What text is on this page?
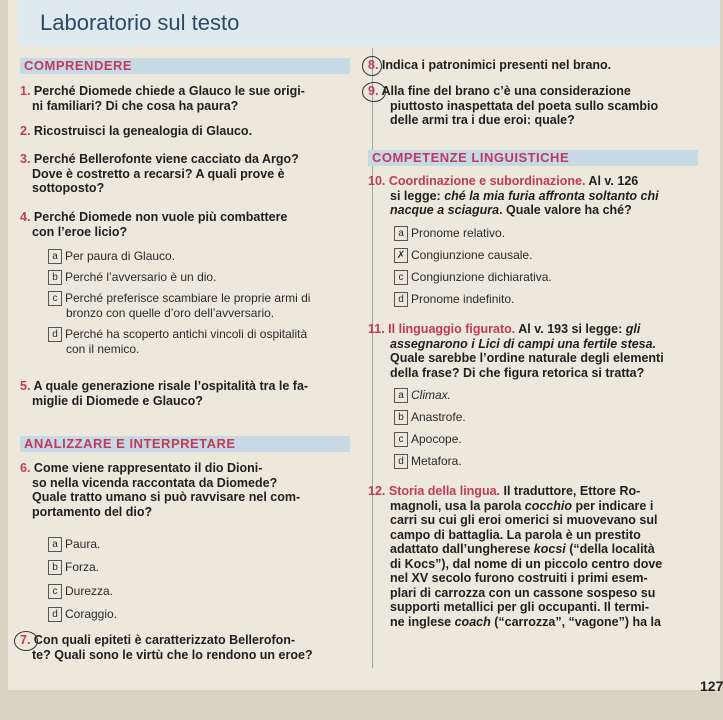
Laboratorio sul testo
COMPRENDERE
1. Perché Diomede chiede a Glauco le sue origi-
ni familiari? Di che cosa ha paura?
2. Ricostruisci la genealogia di Glauco.
3. Perché Bellerofonte viene cacciato da Argo?
Dove è costretto a recarsi? A quali prove è
sottoposto?
4. Perché Diomede non vuole più combattere
con l’eroe licio?
a Per paura di Glauco.
b Perché l’avversario è un dio.
c Perché preferisce scambiare le proprie armi di
bronzo con quelle d’oro dell’avversario.
d Perché ha scoperto antichi vincoli di ospitalità
con il nemico.
5. A quale generazione risale l’ospitalità tra le fa-
miglie di Diomede e Glauco?
ANALIZZARE E INTERPRETARE
6. Come viene rappresentato il dio Dioni-
so nella vicenda raccontata da Diomede?
Quale tratto umano si può ravvisare nel com-
portamento del dio?
a Paura.
b Forza.
c Durezza.
d Coraggio.
7. Con quali epiteti è caratterizzato Bellerofon-
te? Quali sono le virtù che lo rendono un eroe?
8. Indica i patronimici presenti nel brano.
9. Alla fine del brano c’è una considerazione
piuttosto inaspettata del poeta sullo scambio
delle armi tra i due eroi: quale?
COMPETENZE LINGUISTICHE
10. Coordinazione e subordinazione. Al v. 126
si legge: ché la mia furia affronta soltanto chi
nacque a sciagura. Quale valore ha ché?
a Pronome relativo.
✗ Congiunzione causale.
c Congiunzione dichiarativa.
d Pronome indefinito.
11. Il linguaggio figurato. Al v. 193 si legge: gli
assegnarono i Lici di campi una fertile stesa.
Quale sarebbe l’ordine naturale degli elementi
della frase? Di che figura retorica si tratta?
a Climax.
b Anastrofe.
c Apocope.
d Metafora.
12. Storia della lingua. Il traduttore, Ettore Ro-
magnoli, usa la parola cocchio per indicare i
carri su cui gli eroi omerici si muovevano sul
campo di battaglia. La parola è un prestito
adattato dall’ungherese kocsi (“della località
di Kocs”), dal nome di un piccolo centro dove
nel XV secolo furono costruiti i primi esem-
plari di carrozza con un cassone sospeso su
supporti metallici per gli occupanti. Il termi-
ne inglese coach (“carrozza”, “vagone”) ha la
127
